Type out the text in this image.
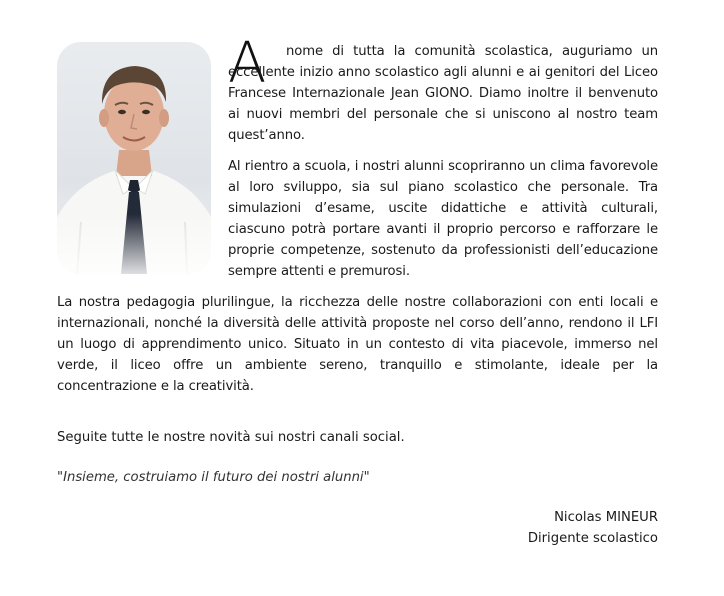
A	nome di tutta la comunità scolastica, auguriamo un eccellente inizio anno scolastico agli alunni e ai genitori del Liceo Francese Internazionale Jean GIONO. Diamo inoltre il benvenuto ai nuovi membri del personale che si uniscono al nostro team quest’anno.

Al rientro a scuola, i nostri alunni scopriranno un clima favorevole al loro sviluppo, sia sul piano scolastico che personale. Tra simulazioni d’esame, uscite didattiche e attività culturali, ciascuno potrà portare avanti il proprio percorso e rafforzare le proprie competenze, sostenuto da professionisti dell’educazione sempre attenti e premurosi.

La nostra pedagogia plurilingue, la ricchezza delle nostre collaborazioni con enti locali e internazionali, nonché la diversità delle attività proposte nel corso dell’anno, rendono il LFI un luogo di apprendimento unico. Situato in un contesto di vita piacevole, immerso nel verde, il liceo offre un ambiente sereno, tranquillo e stimolante, ideale per la concentrazione e la creatività.

Seguite tutte le nostre novità sui nostri canali social.

"Insieme, costruiamo il futuro dei nostri alunni"

Nicolas MINEUR
Dirigente scolastico
